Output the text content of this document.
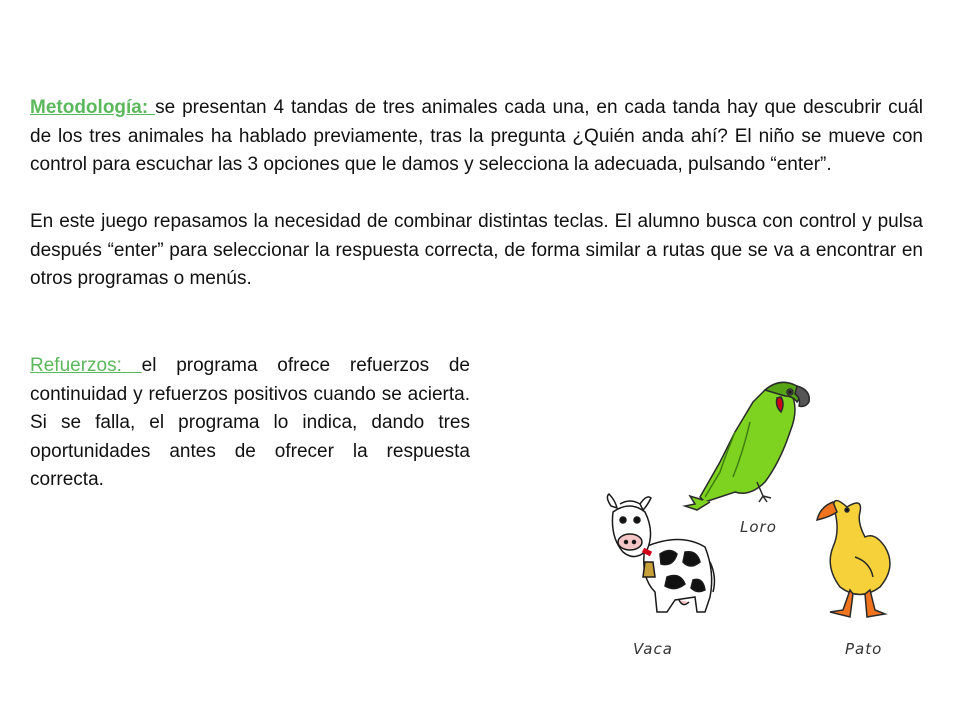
Metodología: se presentan 4 tandas de tres animales cada una, en cada tanda hay que descubrir cuál de los tres animales ha hablado previamente, tras la pregunta ¿Quién anda ahí? El niño se mueve con control para escuchar las 3 opciones que le damos y selecciona la adecuada, pulsando “enter”.

En este juego repasamos la necesidad de combinar distintas teclas. El alumno busca con control y pulsa después “enter” para seleccionar la respuesta correcta, de forma similar a rutas que se va a encontrar en otros programas o menús.

Refuerzos: el programa ofrece refuerzos de continuidad y refuerzos positivos cuando se acierta. Si se falla, el programa lo indica, dando tres oportunidades antes de ofrecer la respuesta correcta.

Loro
Vaca	Pato
